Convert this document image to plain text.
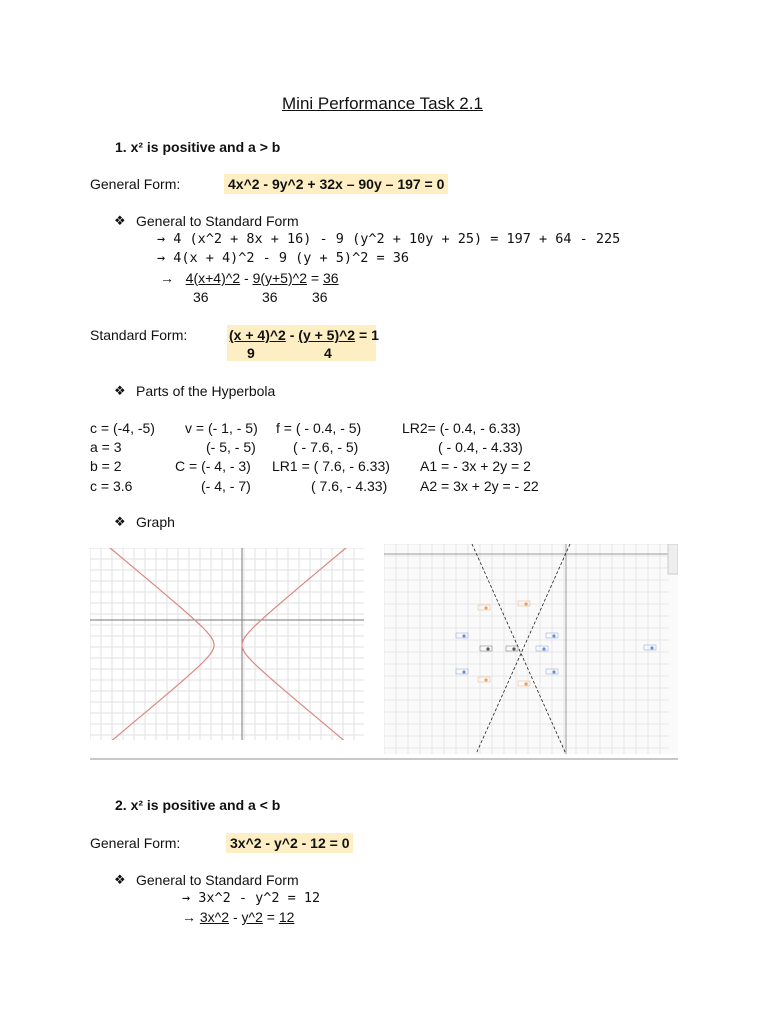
Mini Performance Task 2.1
1. x² is positive and a > b
General Form:	4x^2 - 9y^2 + 32x – 90y – 197 = 0
❖ General to Standard Form
→ 4 (x^2 + 8x + 16) - 9 (y^2 + 10y + 25) = 197 + 64 - 225
→ 4(x + 4)^2 - 9 (y + 5)^2 = 36
→ 4(x+4)^2 - 9(y+5)^2 = 36
36	36 36
Standard Form:	(x + 4)^2 - (y + 5)^2 = 1
9	4
❖ Parts of the Hyperbola
c = (-4, -5) v = (- 1, - 5) f = ( - 0.4, - 5)	LR2= (- 0.4, - 6.33)
a = 3	(- 5, - 5)	( - 7.6, - 5)	( - 0.4, - 4.33)
b = 2	C = (- 4, - 3) LR1 = ( 7.6, - 6.33) A1 = - 3x + 2y = 2
c = 3.6	(- 4, - 7)	( 7.6, - 4.33) A2 = 3x + 2y = - 22
❖ Graph
2. x² is positive and a < b
General Form:	3x^2 - y^2 - 12 = 0
❖ General to Standard Form
→ 3x^2 - y^2 = 12
→ 3x^2 - y^2 = 12
